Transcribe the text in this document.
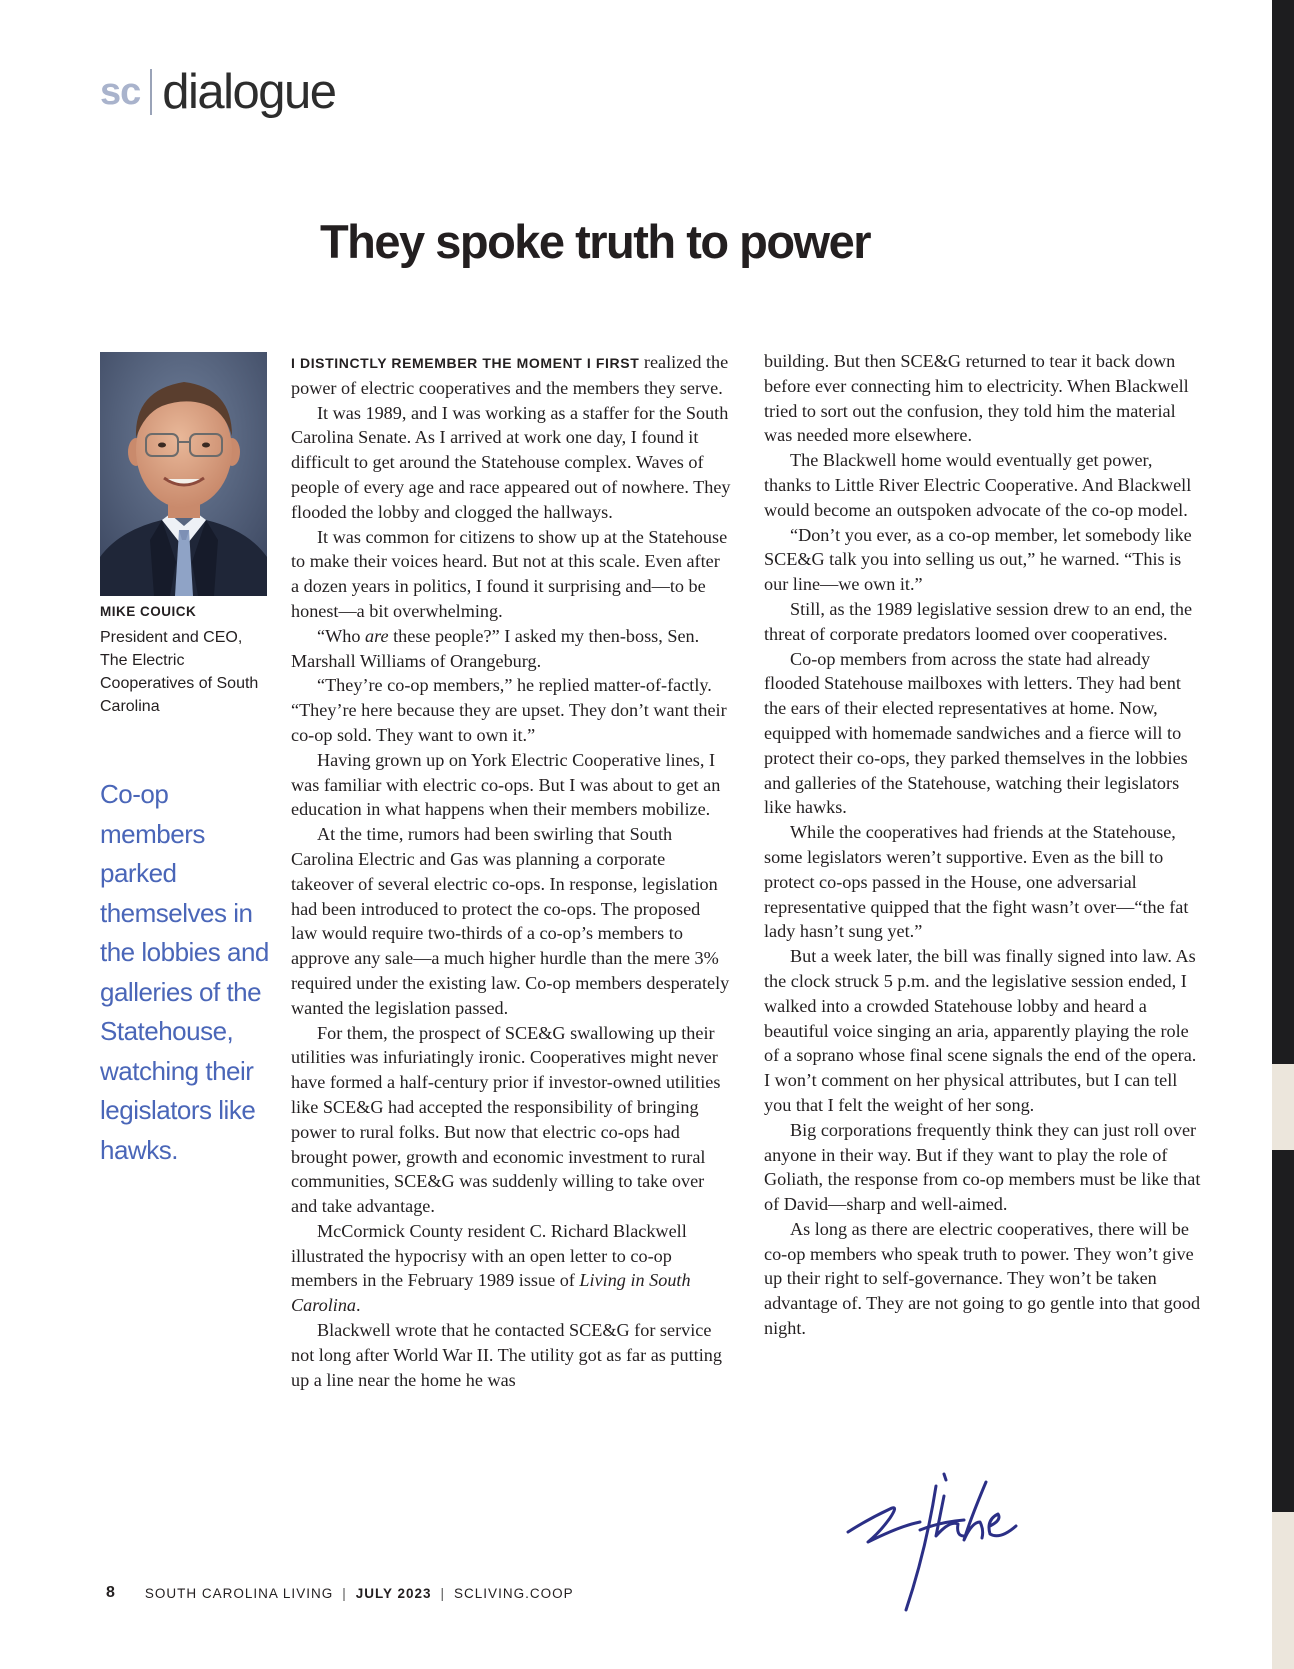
sc dialogue
They spoke truth to power
MIKE COUICK
President and CEO, The Electric Cooperatives of South Carolina

Co-op members parked themselves in the lobbies and galleries of the Statehouse, watching their legislators like hawks.

I DISTINCTLY REMEMBER THE MOMENT I FIRST realized the power of electric cooperatives and the members they serve.

It was 1989, and I was working as a staffer for the South Carolina Senate. As I arrived at work one day, I found it difficult to get around the Statehouse complex. Waves of people of every age and race appeared out of nowhere. They flooded the lobby and clogged the hallways.

It was common for citizens to show up at the Statehouse to make their voices heard. But not at this scale. Even after a dozen years in politics, I found it surprising and—to be honest—a bit overwhelming.

“Who are these people?” I asked my then-boss, Sen. Marshall Williams of Orangeburg.

“They’re co-op members,” he replied matter-of-factly. “They’re here because they are upset. They don’t want their co-op sold. They want to own it.”

Having grown up on York Electric Cooperative lines, I was familiar with electric co-ops. But I was about to get an education in what happens when their members mobilize.

At the time, rumors had been swirling that South Carolina Electric and Gas was planning a corporate takeover of several electric co-ops. In response, legislation had been introduced to protect the co-ops. The proposed law would require two-thirds of a co-op’s members to approve any sale—a much higher hurdle than the mere 3% required under the existing law. Co-op members desperately wanted the legislation passed.

For them, the prospect of SCE&G swallowing up their utilities was infuriatingly ironic. Cooperatives might never have formed a half-century prior if investor-owned utilities like SCE&G had accepted the responsibility of bringing power to rural folks. But now that electric co-ops had brought power, growth and economic investment to rural communities, SCE&G was suddenly willing to take over and take advantage.

McCormick County resident C. Richard Blackwell illustrated the hypocrisy with an open letter to co-op members in the February 1989 issue of Living in South Carolina.

Blackwell wrote that he contacted SCE&G for service not long after World War II. The utility got as far as putting up a line near the home he was

building. But then SCE&G returned to tear it back down before ever connecting him to electricity. When Blackwell tried to sort out the confusion, they told him the material was needed more elsewhere.

The Blackwell home would eventually get power, thanks to Little River Electric Cooperative. And Blackwell would become an outspoken advocate of the co-op model.

“Don’t you ever, as a co-op member, let somebody like SCE&G talk you into selling us out,” he warned. “This is our line—we own it.”

Still, as the 1989 legislative session drew to an end, the threat of corporate predators loomed over cooperatives.

Co-op members from across the state had already flooded Statehouse mailboxes with letters. They had bent the ears of their elected representatives at home. Now, equipped with homemade sandwiches and a fierce will to protect their co-ops, they parked themselves in the lobbies and galleries of the Statehouse, watching their legislators like hawks.

While the cooperatives had friends at the Statehouse, some legislators weren’t supportive. Even as the bill to protect co-ops passed in the House, one adversarial representative quipped that the fight wasn’t over—“the fat lady hasn’t sung yet.”

But a week later, the bill was finally signed into law. As the clock struck 5 p.m. and the legislative session ended, I walked into a crowded Statehouse lobby and heard a beautiful voice singing an aria, apparently playing the role of a soprano whose final scene signals the end of the opera. I won’t comment on her physical attributes, but I can tell you that I felt the weight of her song.

Big corporations frequently think they can just roll over anyone in their way. But if they want to play the role of Goliath, the response from co-op members must be like that of David—sharp and well-aimed.

As long as there are electric cooperatives, there will be co-op members who speak truth to power. They won’t give up their right to self-governance. They won’t be taken advantage of. They are not going to go gentle into that good night.

8 SOUTH CAROLINA LIVING | JULY 2023 | SCLIVING.COOP
